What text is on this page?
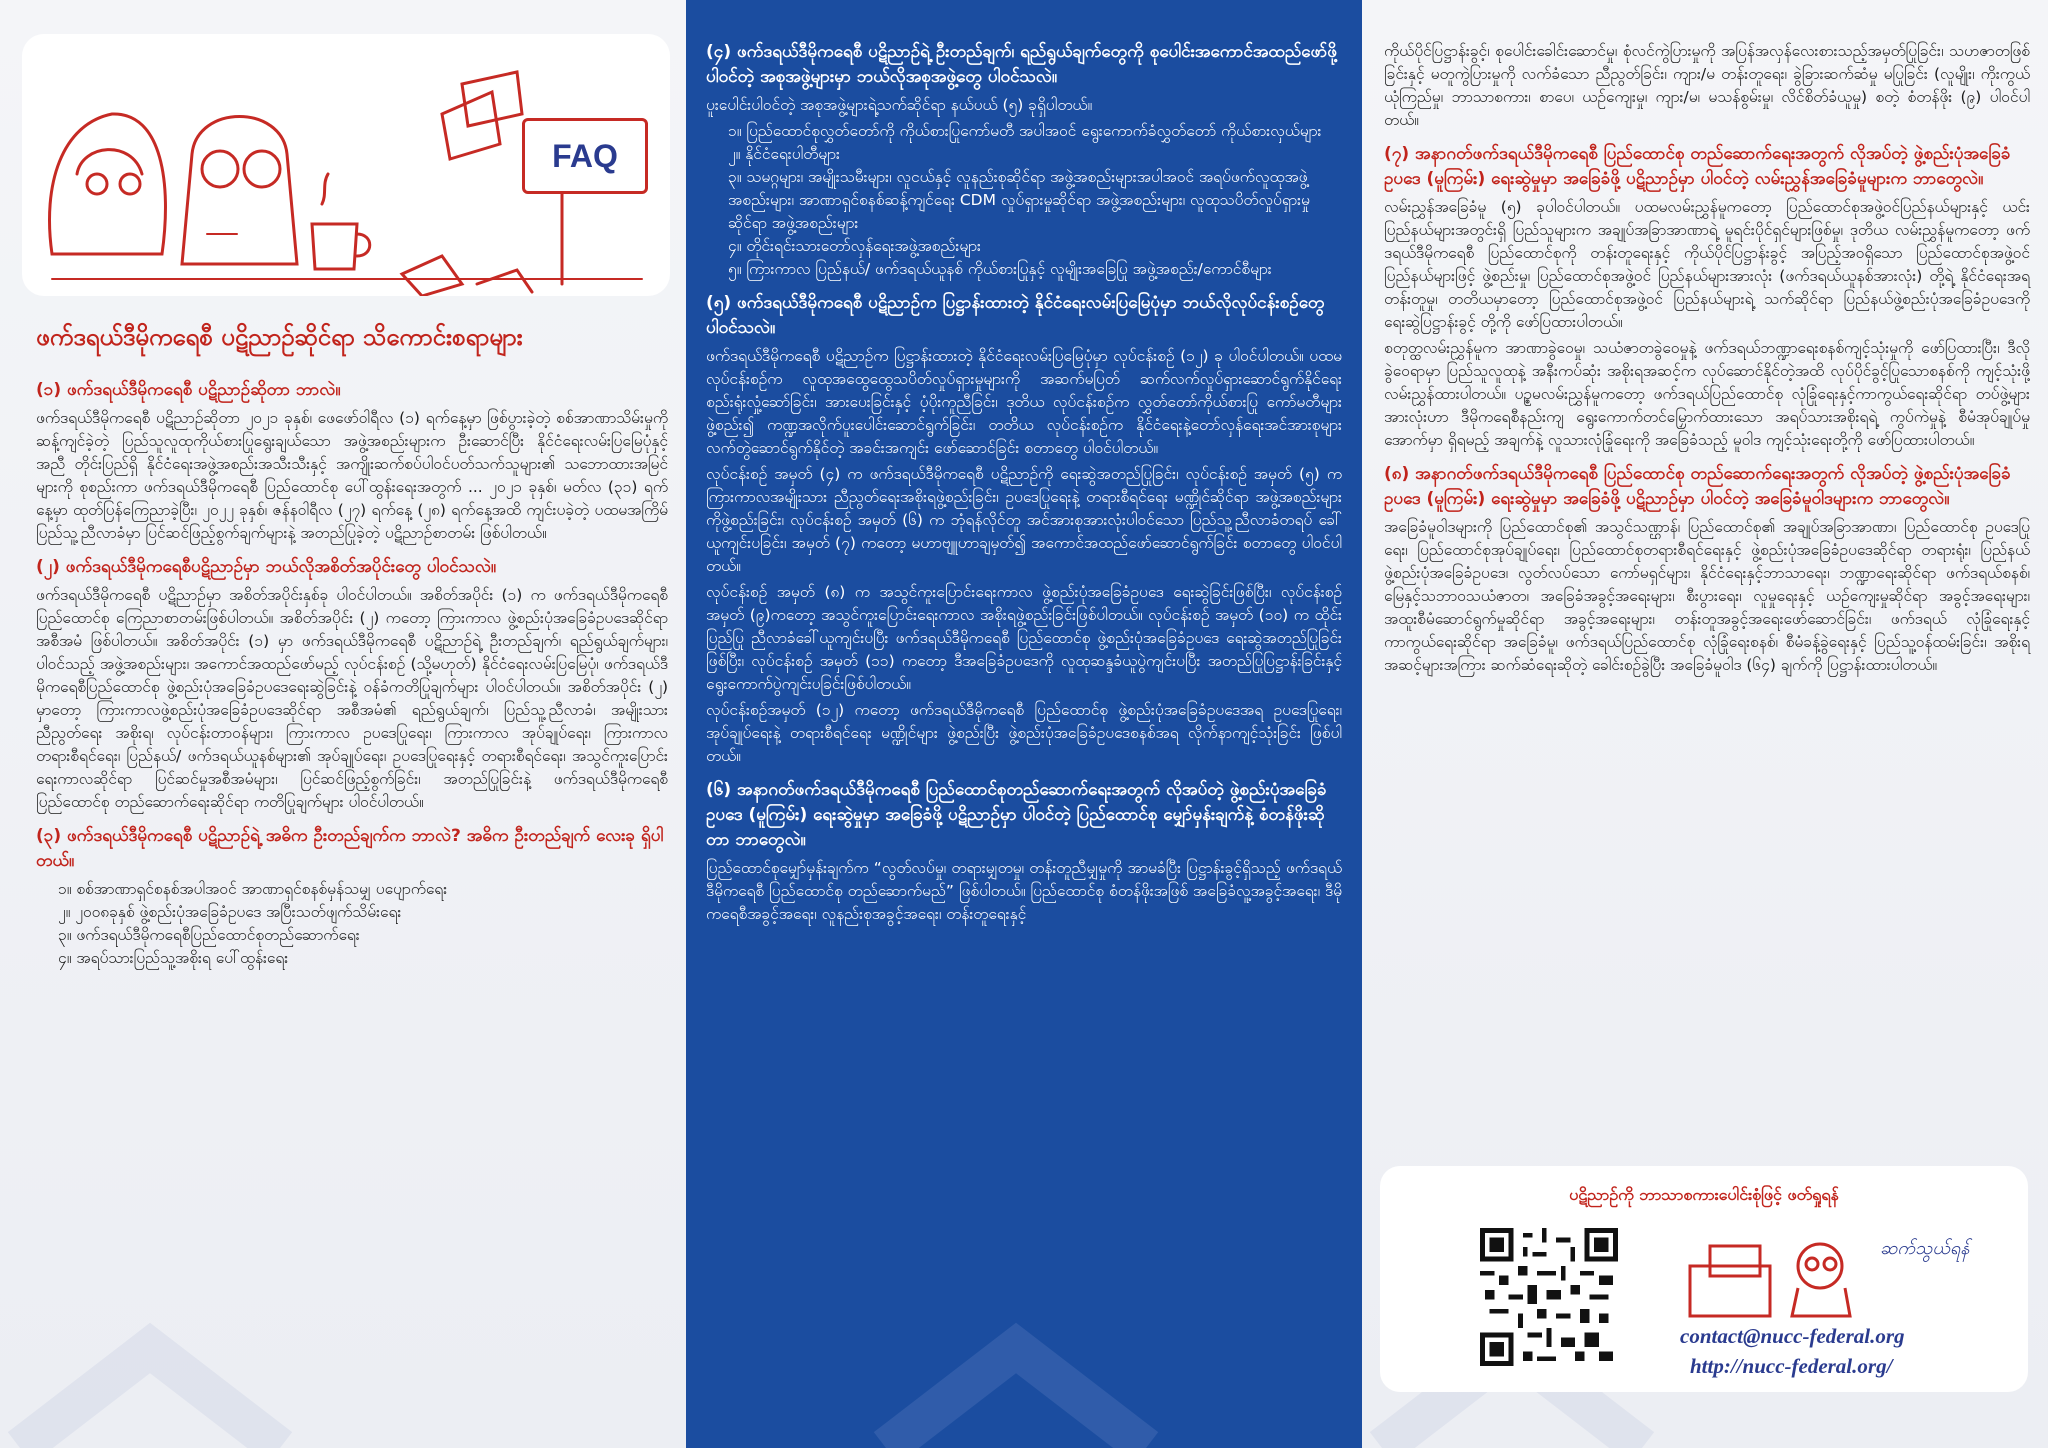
FAQ
ဖက်ဒရယ်ဒီမိုကရေစီ ပဋိညာဉ်ဆိုင်ရာ သိကောင်းစရာများ
(၁) ဖက်ဒရယ်ဒီမိုကရေစီ ပဋိညာဉ်ဆိုတာ ဘာလဲ။
ဖက်ဒရယ်ဒီမိုကရေစီ ပဋိညာဉ်ဆိုတာ ၂၀၂၁ ခုနှစ်၊ ဖေဖော်ဝါရီလ (၁) ရက်နေ့မှာ ဖြစ်ပွားခဲ့တဲ့ စစ်အာဏာသိမ်းမှုကို ဆန့်ကျင်ခဲ့တဲ့ ပြည်သူလူထုကိုယ်စားပြုရွေးချယ်သော အဖွဲ့အစည်းများက ဦးဆောင်ပြီး နိုင်ငံရေးလမ်းပြမြေပုံနှင့် အညီ တိုင်းပြည်ရှိ နိုင်ငံရေးအဖွဲ့အစည်းအသီးသီးနှင့် အကျိုးဆက်စပ်ပါဝင်ပတ်သက်သူများ၏ သဘောထားအမြင်များကို စုစည်းကာ ဖက်ဒရယ်ဒီမိုကရေစီ ပြည်ထောင်စု ပေါ်ထွန်းရေးအတွက် ... ၂၀၂၁ ခုနှစ်၊ မတ်လ (၃၁) ရက်နေ့မှာ ထုတ်ပြန်ကြေညာခဲ့ပြီး၊ ၂၀၂၂ ခုနှစ်၊ ဇန်နဝါရီလ (၂၇) ရက်နေ့ (၂၈) ရက်နေ့အထိ ကျင်းပခဲ့တဲ့ ပထမအကြိမ်ပြည်သူ့ညီလာခံမှာ ပြင်ဆင်ဖြည့်စွက်ချက်များနဲ့ အတည်ပြုခဲ့တဲ့ ပဋိညာဉ်စာတမ်း ဖြစ်ပါတယ်။
(၂) ဖက်ဒရယ်ဒီမိုကရေစီပဋိညာဉ်မှာ ဘယ်လိုအစိတ်အပိုင်းတွေ ပါဝင်သလဲ။
ဖက်ဒရယ်ဒီမိုကရေစီ ပဋိညာဉ်မှာ အစိတ်အပိုင်းနှစ်ခု ပါဝင်ပါတယ်။ အစိတ်အပိုင်း (၁) က ဖက်ဒရယ်ဒီမိုကရေစီ ပြည်ထောင်စု ကြေညာစာတမ်းဖြစ်ပါတယ်။ အစိတ်အပိုင်း (၂) ကတော့ ကြားကာလ ဖွဲ့စည်းပုံအခြေခံဥပဒေဆိုင်ရာ အစီအမံ ဖြစ်ပါတယ်။ အစိတ်အပိုင်း (၁) မှာ ဖက်ဒရယ်ဒီမိုကရေစီ ပဋိညာဉ်ရဲ့ ဦးတည်ချက်၊ ရည်ရွယ်ချက်များ၊ ပါဝင်သည့် အဖွဲ့အစည်းများ၊ အကောင်အထည်ဖော်မည့် လုပ်ငန်းစဉ် (သို့မဟုတ်) နိုင်ငံရေးလမ်းပြမြေပုံ၊ ဖက်ဒရယ်ဒီမိုကရေစီပြည်ထောင်စု ဖွဲ့စည်းပုံအခြေခံဥပဒေရေးဆွဲခြင်းနဲ့ ဝန်ခံကတိပြုချက်များ ပါဝင်ပါတယ်။ အစိတ်အပိုင်း (၂) မှာတော့ ကြားကာလဖွဲ့စည်းပုံအခြေခံဥပဒေဆိုင်ရာ အစီအမံ၏ ရည်ရွယ်ချက်၊ ပြည်သူ့ညီလာခံ၊ အမျိုးသား ညီညွတ်ရေး အစိုးရ၊ လုပ်ငန်းတာဝန်များ၊ ကြားကာလ ဥပဒေပြုရေး၊ ကြားကာလ အုပ်ချုပ်ရေး၊ ကြားကာလ တရားစီရင်ရေး၊ ပြည်နယ်/ ဖက်ဒရယ်ယူနစ်များ၏ အုပ်ချုပ်ရေး၊ ဥပဒေပြုရေးနှင့် တရားစီရင်ရေး၊ အသွင်ကူးပြောင်းရေးကာလဆိုင်ရာ ပြင်ဆင်မှုအစီအမံများ၊ ပြင်ဆင်ဖြည့်စွက်ခြင်း၊ အတည်ပြုခြင်းနဲ့ ဖက်ဒရယ်ဒီမိုကရေစီ ပြည်ထောင်စု တည်ဆောက်ရေးဆိုင်ရာ ကတိပြုချက်များ ပါဝင်ပါတယ်။
(၃) ဖက်ဒရယ်ဒီမိုကရေစီ ပဋိညာဉ်ရဲ့ အဓိက ဦးတည်ချက်က ဘာလဲ? အဓိက ဦးတည်ချက် လေးခု ရှိပါတယ်။
၁။ စစ်အာဏာရှင်စနစ်အပါအဝင် အာဏာရှင်စနစ်မှန်သမျှ ပပျောက်ရေး
၂။ ၂၀၀၈ခုနှစ် ဖွဲ့စည်းပုံအခြေခံဥပဒေ အပြီးသတ်ဖျက်သိမ်းရေး
၃။ ဖက်ဒရယ်ဒီမိုကရေစီပြည်ထောင်စုတည်ဆောက်ရေး
၄။ အရပ်သားပြည်သူ့အစိုးရ ပေါ်ထွန်းရေး
(၄) ဖက်ဒရယ်ဒီမိုကရေစီ ပဋိညာဉ်ရဲ့ ဦးတည်ချက်၊ ရည်ရွယ်ချက်တွေကို စုပေါင်းအကောင်အထည်ဖော်ဖို့ ပါဝင်တဲ့ အစုအဖွဲ့များမှာ ဘယ်လိုအစုအဖွဲ့တွေ ပါဝင်သလဲ။
ပူးပေါင်းပါဝင်တဲ့ အစုအဖွဲ့များရဲ့သက်ဆိုင်ရာ နယ်ပယ် (၅) ခုရှိပါတယ်။
၁။ ပြည်ထောင်စုလွှတ်တော်ကို ကိုယ်စားပြုကော်မတီ အပါအဝင် ရွေးကောက်ခံလွှတ်တော် ကိုယ်စားလှယ်များ
၂။ နိုင်ငံရေးပါတီများ
၃။ သမဂ္ဂများ၊ အမျိုးသမီးများ၊ လူငယ်နှင့် လူနည်းစုဆိုင်ရာ အဖွဲ့အစည်းများအပါအဝင် အရပ်ဖက်လူထုအဖွဲ့အစည်းများ၊ အာဏာရှင်စနစ်ဆန့်ကျင်ရေး CDM လှုပ်ရှားမှုဆိုင်ရာ အဖွဲ့အစည်းများ၊ လူထုသပိတ်လှုပ်ရှားမှုဆိုင်ရာ အဖွဲ့အစည်းများ
၄။ တိုင်းရင်းသားတော်လှန်ရေးအဖွဲ့အစည်းများ
၅။ ကြားကာလ ပြည်နယ်/ ဖက်ဒရယ်ယူနစ် ကိုယ်စားပြုနှင့် လူမျိုးအခြေပြု အဖွဲ့အစည်း/ကောင်စီများ
(၅) ဖက်ဒရယ်ဒီမိုကရေစီ ပဋိညာဉ်က ပြဋ္ဌာန်းထားတဲ့ နိုင်ငံရေးလမ်းပြမြေပုံမှာ ဘယ်လိုလုပ်ငန်းစဉ်တွေ ပါဝင်သလဲ။
ဖက်ဒရယ်ဒီမိုကရေစီ ပဋိညာဉ်က ပြဋ္ဌာန်းထားတဲ့ နိုင်ငံရေးလမ်းပြမြေပုံမှာ လုပ်ငန်းစဉ် (၁၂) ခု ပါဝင်ပါတယ်။ ပထမ လုပ်ငန်းစဉ်က လူထုအထွေထွေသပိတ်လှုပ်ရှားမှုများကို အဆက်မပြတ် ဆက်လက်လှုပ်ရှားဆောင်ရွက်နိုင်ရေး စည်းရုံးလှုံ့ဆော်ခြင်း၊ အားပေးခြင်းနှင့် ပံ့ပိုးကူညီခြင်း၊ ဒုတိယ လုပ်ငန်းစဉ်က လွှတ်တော်ကိုယ်စားပြု ကော်မတီများဖွဲ့စည်း၍ ကဏ္ဍအလိုက်ပူးပေါင်းဆောင်ရွက်ခြင်း၊ တတိယ လုပ်ငန်းစဉ်က နိုင်ငံရေးနဲ့တော်လှန်ရေးအင်အားစုများ လက်တွဲဆောင်ရွက်နိုင်တဲ့ အခင်းအကျင်း ဖော်ဆောင်ခြင်း စတာတွေ ပါဝင်ပါတယ်။
လုပ်ငန်းစဉ် အမှတ် (၄) က ဖက်ဒရယ်ဒီမိုကရေစီ ပဋိညာဉ်ကို ရေးဆွဲအတည်ပြုခြင်း၊ လုပ်ငန်းစဉ် အမှတ် (၅) က ကြားကာလအမျိုးသား ညီညွတ်ရေးအစိုးရဖွဲ့စည်းခြင်း၊ ဥပဒေပြုရေးနဲ့ တရားစီရင်ရေး မဏ္ဍိုင်ဆိုင်ရာ အဖွဲ့အစည်းများကိုဖွဲ့စည်းခြင်း၊ လုပ်ငန်းစဉ် အမှတ် (၆) က ဘုံရန်လိုင်တူ အင်အားစုအားလုံးပါဝင်သော ပြည်သူ့ညီလာခံတရပ် ခေါ်ယူကျင်းပခြင်း၊ အမှတ် (၇) ကတော့ မဟာဗျူဟာချမှတ်၍ အကောင်အထည်ဖော်ဆောင်ရွက်ခြင်း စတာတွေ ပါဝင်ပါတယ်။
လုပ်ငန်းစဉ် အမှတ် (၈) က အသွင်ကူးပြောင်းရေးကာလ ဖွဲ့စည်းပုံအခြေခံဥပဒေ ရေးဆွဲခြင်းဖြစ်ပြီး၊ လုပ်ငန်းစဉ် အမှတ် (၉)ကတော့ အသွင်ကူးပြောင်းရေးကာလ အစိုးရဖွဲ့စည်းခြင်းဖြစ်ပါတယ်။ လုပ်ငန်းစဉ် အမှတ် (၁၀) က ထိုင်းပြည်ပြု ညီလာခံခေါ်ယူကျင်းပပြီး ဖက်ဒရယ်ဒီမိုကရေစီ ပြည်ထောင်စု ဖွဲ့စည်းပုံအခြေခံဥပဒေ ရေးဆွဲအတည်ပြုခြင်းဖြစ်ပြီး၊ လုပ်ငန်းစဉ် အမှတ် (၁၁) ကတော့ ဒီအခြေခံဥပဒေကို လူထုဆန္ဒခံယူပွဲကျင်းပပြီး အတည်ပြုပြဋ္ဌာန်းခြင်းနှင့် ရွေးကောက်ပွဲကျင်းပခြင်းဖြစ်ပါတယ်။
လုပ်ငန်းစဉ်အမှတ် (၁၂) ကတော့ ဖက်ဒရယ်ဒီမိုကရေစီ ပြည်ထောင်စု ဖွဲ့စည်းပုံအခြေခံဥပဒေအရ ဥပဒေပြုရေး၊ အုပ်ချုပ်ရေးနဲ့ တရားစီရင်ရေး မဏ္ဍိုင်များ ဖွဲ့စည်းပြီး ဖွဲ့စည်းပုံအခြေခံဥပဒေစနစ်အရ လိုက်နာကျင့်သုံးခြင်း ဖြစ်ပါတယ်။
(၆) အနာဂတ်ဖက်ဒရယ်ဒီမိုကရေစီ ပြည်ထောင်စုတည်ဆောက်ရေးအတွက် လိုအပ်တဲ့ ဖွဲ့စည်းပုံအခြေခံဥပဒေ (မူကြမ်း) ရေးဆွဲမှုမှာ အခြေခံဖို့ ပဋိညာဉ်မှာ ပါဝင်တဲ့ ပြည်ထောင်စု မျှော်မှန်းချက်နဲ့ စံတန်ဖိုးဆိုတာ ဘာတွေလဲ။
ပြည်ထောင်စုမျှော်မှန်းချက်က “လွတ်လပ်မှု၊ တရားမျှတမှု၊ တန်းတူညီမျှမှုကို အာမခံပြီး ပြဋ္ဌာန်းခွင့်ရှိသည့် ဖက်ဒရယ်ဒီမိုကရေစီ ပြည်ထောင်စု တည်ဆောက်မည်” ဖြစ်ပါတယ်။ ပြည်ထောင်စု စံတန်ဖိုးအဖြစ် အခြေခံလူ့အခွင့်အရေး၊ ဒီမိုကရေစီအခွင့်အရေး၊ လူနည်းစုအခွင့်အရေး၊ တန်းတူရေးနှင့်
ကိုယ်ပိုင်ပြဋ္ဌာန်းခွင့်၊ စုပေါင်းခေါင်းဆောင်မှု၊ စုံလင်ကွဲပြားမှုကို အပြန်အလှန်လေးစားသည့်အမှတ်ပြုခြင်း၊ သဟဇာတဖြစ်ခြင်းနှင့် မတူကွဲပြားမှုကို လက်ခံသော ညီညွတ်ခြင်း၊ ကျား/မ တန်းတူရေး၊ ခွဲခြားဆက်ဆံမှု မပြုခြင်း (လူမျိုး၊ ကိုးကွယ်ယုံကြည်မှု၊ ဘာသာစကား၊ စာပေ၊ ယဉ်ကျေးမှု၊ ကျား/မ၊ မသန်စွမ်းမှု၊ လိင်စိတ်ခံယူမှု) စတဲ့ စံတန်ဖိုး (၉) ပါဝင်ပါတယ်။
(၇) အနာဂတ်ဖက်ဒရယ်ဒီမိုကရေစီ ပြည်ထောင်စု တည်ဆောက်ရေးအတွက် လိုအပ်တဲ့ ဖွဲ့စည်းပုံအခြေခံဥပဒေ (မူကြမ်း) ရေးဆွဲမှုမှာ အခြေခံဖို့ ပဋိညာဉ်မှာ ပါဝင်တဲ့ လမ်းညွှန်အခြေခံမူများက ဘာတွေလဲ။
လမ်းညွှန်အခြေခံမူ (၅) ခုပါဝင်ပါတယ်။ ပထမလမ်းညွှန်မူကတော့ ပြည်ထောင်စုအဖွဲ့ဝင်ပြည်နယ်များနှင့် ယင်းပြည်နယ်များအတွင်းရှိ ပြည်သူများက အချုပ်အခြာအာဏာရဲ့ မူရင်းပိုင်ရှင်များဖြစ်မှု၊ ဒုတိယ လမ်းညွှန်မူကတော့ ဖက်ဒရယ်ဒီမိုကရေစီ ပြည်ထောင်စုကို တန်းတူရေးနှင့် ကိုယ်ပိုင်ပြဋ္ဌာန်းခွင့် အပြည့်အဝရှိသော ပြည်ထောင်စုအဖွဲ့ဝင်ပြည်နယ်များဖြင့် ဖွဲ့စည်းမှု၊ ပြည်ထောင်စုအဖွဲ့ဝင် ပြည်နယ်များအားလုံး (ဖက်ဒရယ်ယူနစ်အားလုံး) တို့ရဲ့ နိုင်ငံရေးအရ တန်းတူမှု၊ တတိယမှာတော့ ပြည်ထောင်စုအဖွဲ့ဝင် ပြည်နယ်များရဲ့ သက်ဆိုင်ရာ ပြည်နယ်ဖွဲ့စည်းပုံအခြေခံဥပဒေကို ရေးဆွဲပြဋ္ဌာန်းခွင့် တို့ကို ဖော်ပြထားပါတယ်။
စတုတ္ထလမ်းညွှန်မူက အာဏာခွဲဝေမှု၊ သယံဇာတခွဲဝေမှုနဲ့ ဖက်ဒရယ်ဘဏ္ဍာရေးစနစ်ကျင့်သုံးမှုကို ဖော်ပြထားပြီး၊ ဒီလို ခွဲဝေရာမှာ ပြည်သူလူထုနဲ့ အနီးကပ်ဆုံး အစိုးရအဆင့်က လုပ်ဆောင်နိုင်တဲ့အထိ လုပ်ပိုင်ခွင့်ပြုသောစနစ်ကို ကျင့်သုံးဖို့ လမ်းညွှန်ထားပါတယ်။ ပဥ္စမလမ်းညွှန်မူကတော့ ဖက်ဒရယ်ပြည်ထောင်စု လုံခြုံရေးနှင့်ကာကွယ်ရေးဆိုင်ရာ တပ်ဖွဲ့များအားလုံးဟာ ဒီမိုကရေစီနည်းကျ ရွေးကောက်တင်မြှောက်ထားသော အရပ်သားအစိုးရရဲ့ ကွပ်ကဲမှုနဲ့ စီမံအုပ်ချုပ်မှုအောက်မှာ ရှိရမည့် အချက်နဲ့ လူသားလုံခြုံရေးကို အခြေခံသည့် မူဝါဒ ကျင့်သုံးရေးတို့ကို ဖော်ပြထားပါတယ်။
(၈) အနာဂတ်ဖက်ဒရယ်ဒီမိုကရေစီ ပြည်ထောင်စု တည်ဆောက်ရေးအတွက် လိုအပ်တဲ့ ဖွဲ့စည်းပုံအခြေခံဥပဒေ (မူကြမ်း) ရေးဆွဲမှုမှာ အခြေခံဖို့ ပဋိညာဉ်မှာ ပါဝင်တဲ့ အခြေခံမူဝါဒများက ဘာတွေလဲ။
အခြေခံမူဝါဒများကို ပြည်ထောင်စု၏ အသွင်သဏ္ဌာန်၊ ပြည်ထောင်စု၏ အချုပ်အခြာအာဏာ၊ ပြည်ထောင်စု ဥပဒေပြုရေး၊ ပြည်ထောင်စုအုပ်ချုပ်ရေး၊ ပြည်ထောင်စုတရားစီရင်ရေးနှင့် ဖွဲ့စည်းပုံအခြေခံဥပဒေဆိုင်ရာ တရားရုံး၊ ပြည်နယ်ဖွဲ့စည်းပုံအခြေခံဥပဒေ၊ လွတ်လပ်သော ကော်မရှင်များ၊ နိုင်ငံရေးနှင့်ဘာသာရေး၊ ဘဏ္ဍာရေးဆိုင်ရာ ဖက်ဒရယ်စနစ်၊ မြေနှင့်သဘာဝသယံဇာတ၊ အခြေခံအခွင့်အရေးများ၊ စီးပွားရေး၊ လူမှုရေးနှင့် ယဉ်ကျေးမှုဆိုင်ရာ အခွင့်အရေးများ၊ အထူးစီမံဆောင်ရွက်မှုဆိုင်ရာ အခွင့်အရေးများ၊ တန်းတူအခွင့်အရေးဖော်ဆောင်ခြင်း၊ ဖက်ဒရယ် လုံခြုံရေးနှင့် ကာကွယ်ရေးဆိုင်ရာ အခြေခံမူ၊ ဖက်ဒရယ်ပြည်ထောင်စု လုံခြုံရေးစနစ်၊ စီမံခန့်ခွဲရေးနှင့် ပြည်သူ့ဝန်ထမ်းခြင်း၊ အစိုးရအဆင့်များအကြား ဆက်ဆံရေးဆိုတဲ့ ခေါင်းစဉ်ခွဲပြီး အခြေခံမူဝါဒ (၆၄) ချက်ကို ပြဋ္ဌာန်းထားပါတယ်။
ပဋိညာဉ်ကို ဘာသာစကားပေါင်းစုံဖြင့် ဖတ်ရှုရန်
ဆက်သွယ်ရန်
contact@nucc-federal.org
http://nucc-federal.org/
